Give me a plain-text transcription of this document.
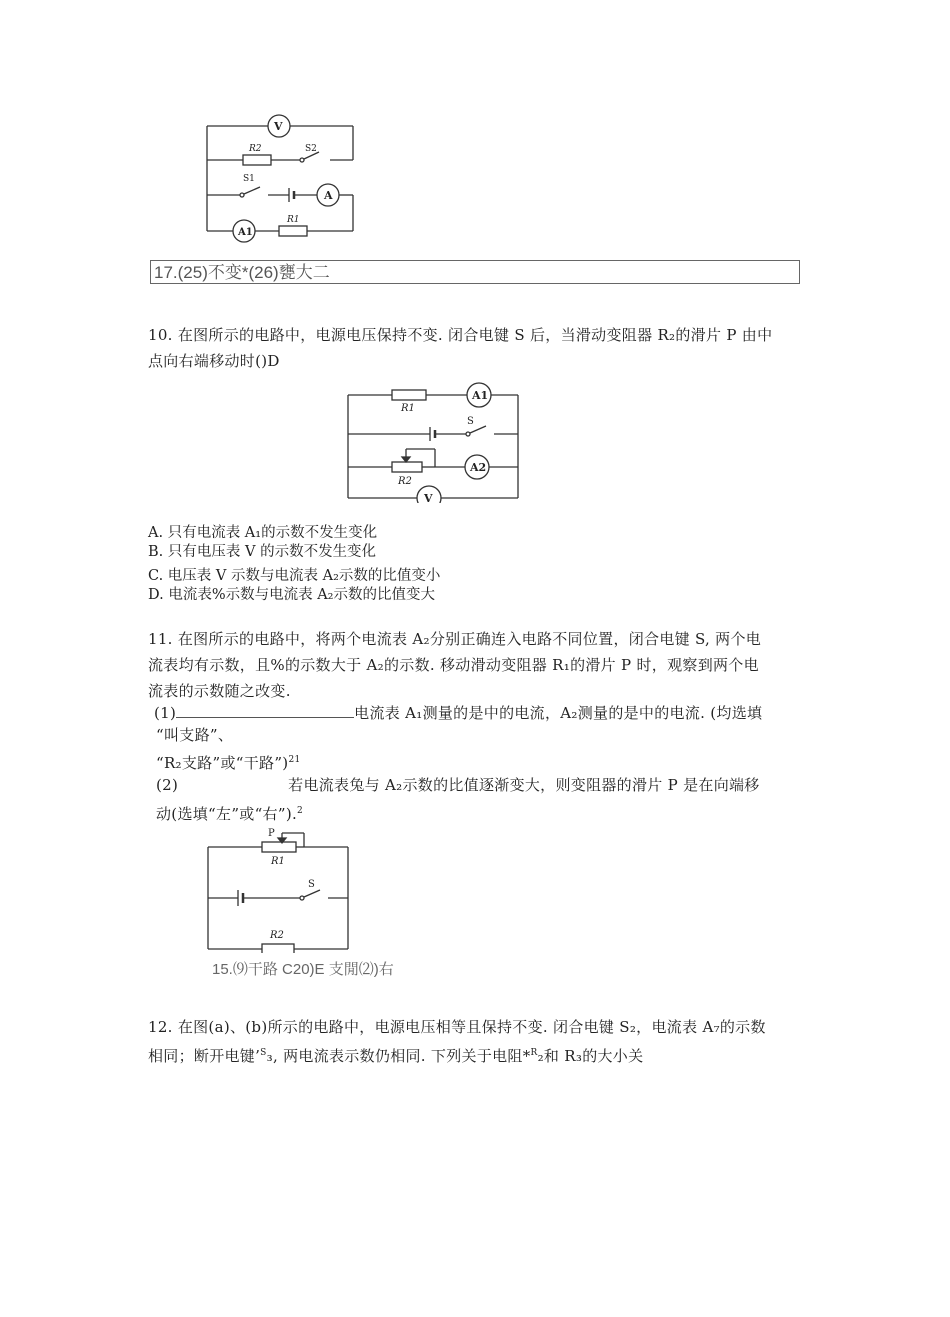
V
R2	S2
S1
A
A1
R1
17.(25)不变*(26)甕大二
10. 在图所示的电路中，电源电压保持不变. 闭合电键 S 后，当滑动变阻器 R₂的滑片 P 由中
点向右端移动时()D
R1
A1
S
A2
R2
V
A. 只有电流表 A₁的示数不发生变化
B. 只有电压表 V 的示数不发生变化
C. 电压表 V 示数与电流表 A₂示数的比值变小
D. 电流表%示数与电流表 A₂示数的比值变大
11. 在图所示的电路中，将两个电流表 A₂分别正确连入电路不同位置，闭合电键 S, 两个电
流表均有示数，且%的示数大于 A₂的示数. 移动滑动变阻器 R₁的滑片 P 时，观察到两个电
流表的示数随之改变.
(1)	电流表 A₁测量的是中的电流，A₂测量的是中的电流. (均选填
“叫支路”、
“R₂支路”或“干路”)$^{21}$
(2)	若电流表兔与 A₂示数的比值逐渐变大，则变阻器的滑片 P 是在向端移
动(选填“左”或“右”).$^2$
P
R1
S
R2
15.⑼干路 C20)E 支閒⑵)右
12. 在图(a)、(b)所示的电路中，电源电压相等且保持不变. 闭合电键 S₂，电流表 A₇的示数
相同；断开电键’$^S$₃, 两电流表示数仍相同. 下列关于电阻*$^R$₂和 R₃的大小关
